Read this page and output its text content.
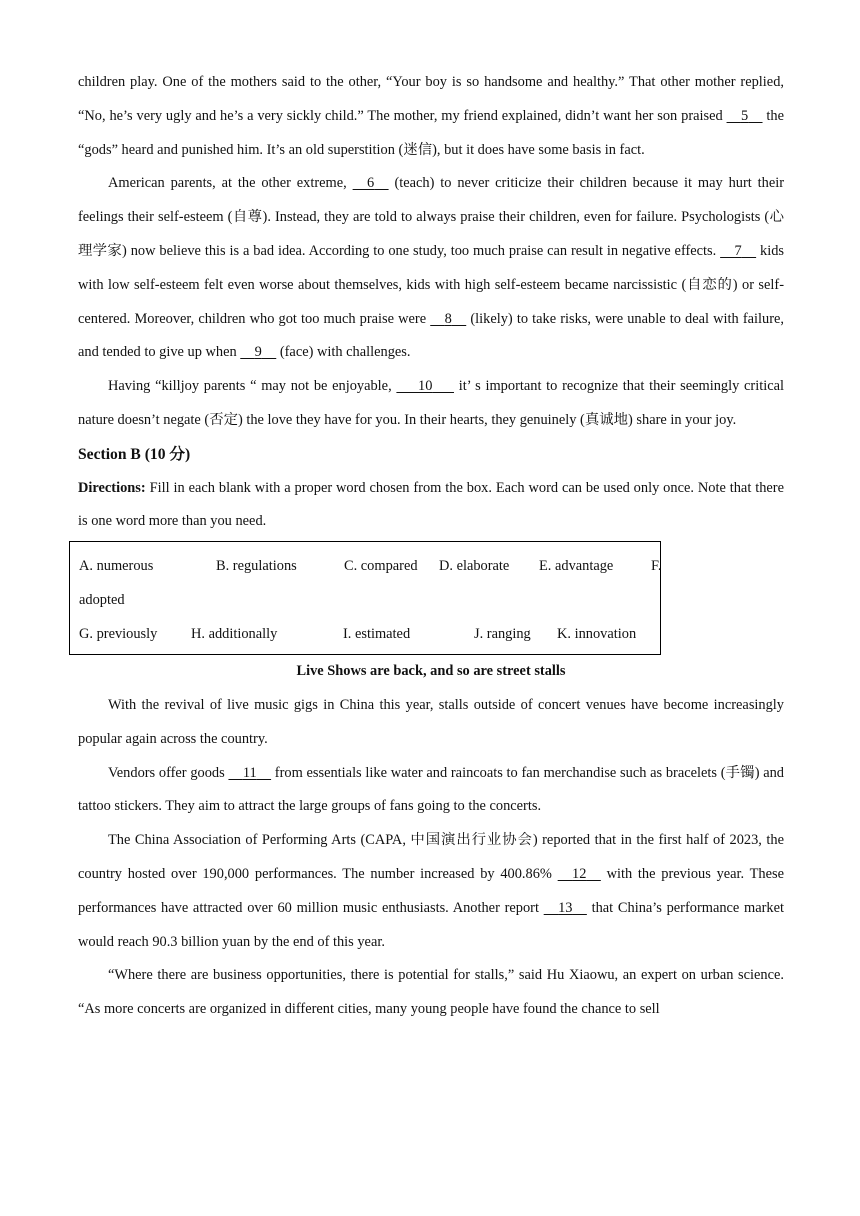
children play. One of the mothers said to the other, “Your boy is so handsome and healthy.” That other mother replied, “No, he’s very ugly and he’s a very sickly child.” The mother, my friend explained, didn’t want her son praised   5   the “gods” heard and punished him. It’s an old superstition (迷信), but it does have some basis in fact.

American parents, at the other extreme,   6   (teach) to never criticize their children because it may hurt their feelings their self-esteem (自尊). Instead, they are told to always praise their children, even for failure. Psychologists (心理学家) now believe this is a bad idea. According to one study, too much praise can result in negative effects.   7   kids with low self-esteem felt even worse about themselves, kids with high self-esteem became narcissistic (自恋的) or self-centered. Moreover, children who got too much praise were   8   (likely) to take risks, were unable to deal with failure, and tended to give up when   9   (face) with challenges.

Having “killjoy parents “ may not be enjoyable,    10    it’ s important to recognize that their seemingly critical nature doesn’t negate (否定) the love they have for you. In their hearts, they genuinely (真诚地) share in your joy.

Section B (10 分)

Directions: Fill in each blank with a proper word chosen from the box. Each word can be used only once. Note that there is one word more than you need.

A. numerous	B. regulations	C. compared D. elaborate E. advantage	F.
adopted
G. previously H. additionally	I. estimated	J. ranging K. innovation

Live Shows are back, and so are street stalls

With the revival of live music gigs in China this year, stalls outside of concert venues have become increasingly popular again across the country.

Vendors offer goods   11   from essentials like water and raincoats to fan merchandise such as bracelets (手镯) and tattoo stickers. They aim to attract the large groups of fans going to the concerts.

The China Association of Performing Arts (CAPA, 中国演出行业协会) reported that in the first half of 2023, the country hosted over 190,000 performances. The number increased by 400.86%   12   with the previous year. These performances have attracted over 60 million music enthusiasts. Another report   13   that China’s performance market would reach 90.3 billion yuan by the end of this year.

“Where there are business opportunities, there is potential for stalls,” said Hu Xiaowu, an expert on urban science. “As more concerts are organized in different cities, many young people have found the chance to sell
